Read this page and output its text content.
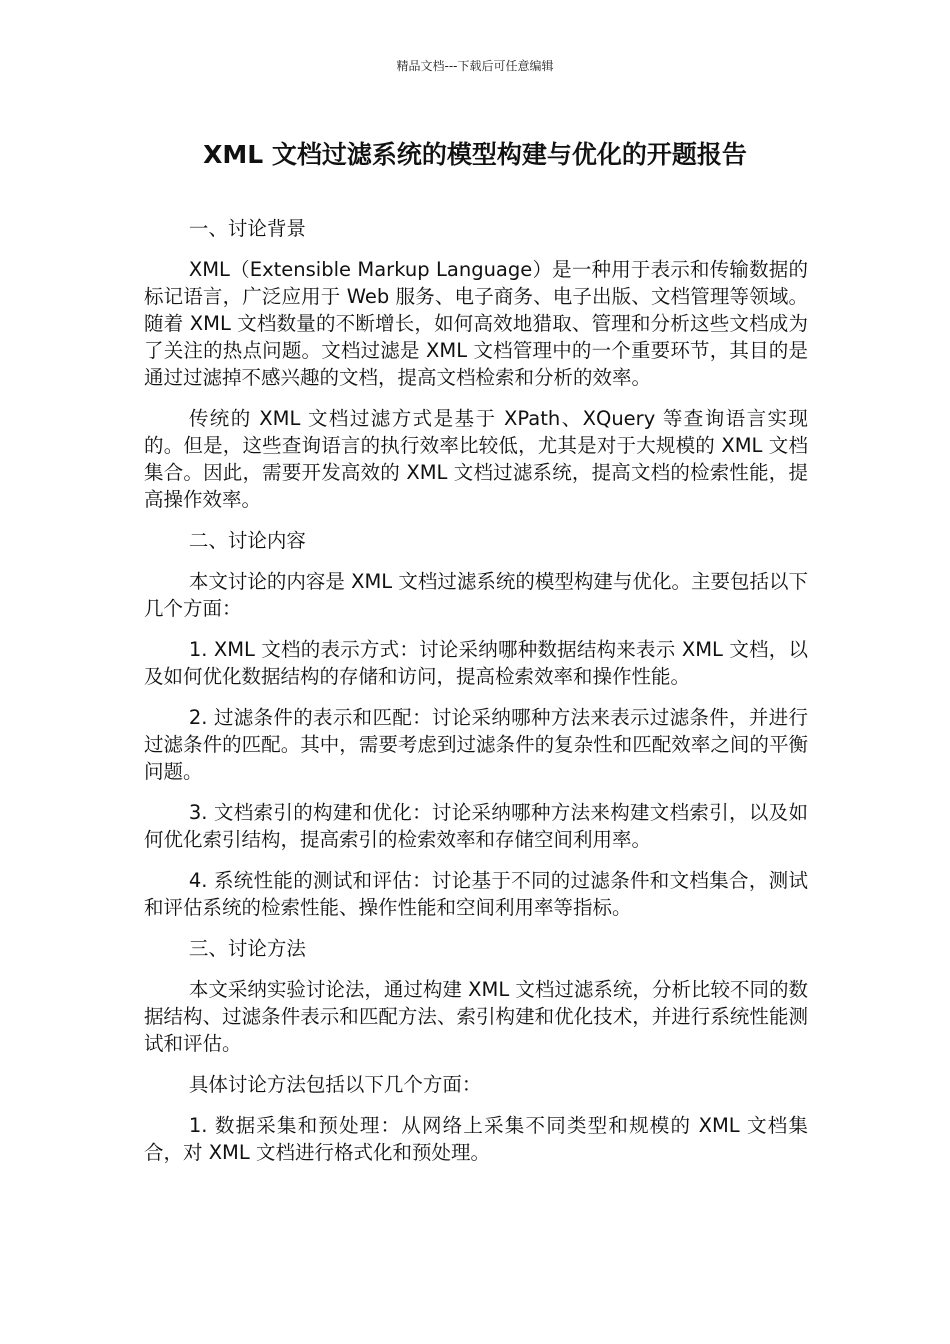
精品文档---下载后可任意编辑
XML 文档过滤系统的模型构建与优化的开题报告

一、讨论背景

XML（Extensible Markup Language）是一种用于表示和传输数据的标记语言，广泛应用于 Web 服务、电子商务、电子出版、文档管理等领域。随着 XML 文档数量的不断增长，如何高效地猎取、管理和分析这些文档成为了关注的热点问题。文档过滤是 XML 文档管理中的一个重要环节，其目的是通过过滤掉不感兴趣的文档，提高文档检索和分析的效率。

传统的 XML 文档过滤方式是基于 XPath、XQuery 等查询语言实现的。但是，这些查询语言的执行效率比较低，尤其是对于大规模的 XML 文档集合。因此，需要开发高效的 XML 文档过滤系统，提高文档的检索性能，提高操作效率。

二、讨论内容

本文讨论的内容是 XML 文档过滤系统的模型构建与优化。主要包括以下几个方面：

1. XML 文档的表示方式：讨论采纳哪种数据结构来表示 XML 文档，以及如何优化数据结构的存储和访问，提高检索效率和操作性能。

2. 过滤条件的表示和匹配：讨论采纳哪种方法来表示过滤条件，并进行过滤条件的匹配。其中，需要考虑到过滤条件的复杂性和匹配效率之间的平衡问题。

3. 文档索引的构建和优化：讨论采纳哪种方法来构建文档索引，以及如何优化索引结构，提高索引的检索效率和存储空间利用率。

4. 系统性能的测试和评估：讨论基于不同的过滤条件和文档集合，测试和评估系统的检索性能、操作性能和空间利用率等指标。

三、讨论方法

本文采纳实验讨论法，通过构建 XML 文档过滤系统，分析比较不同的数据结构、过滤条件表示和匹配方法、索引构建和优化技术，并进行系统性能测试和评估。

具体讨论方法包括以下几个方面：

1. 数据采集和预处理：从网络上采集不同类型和规模的 XML 文档集合，对 XML 文档进行格式化和预处理。
